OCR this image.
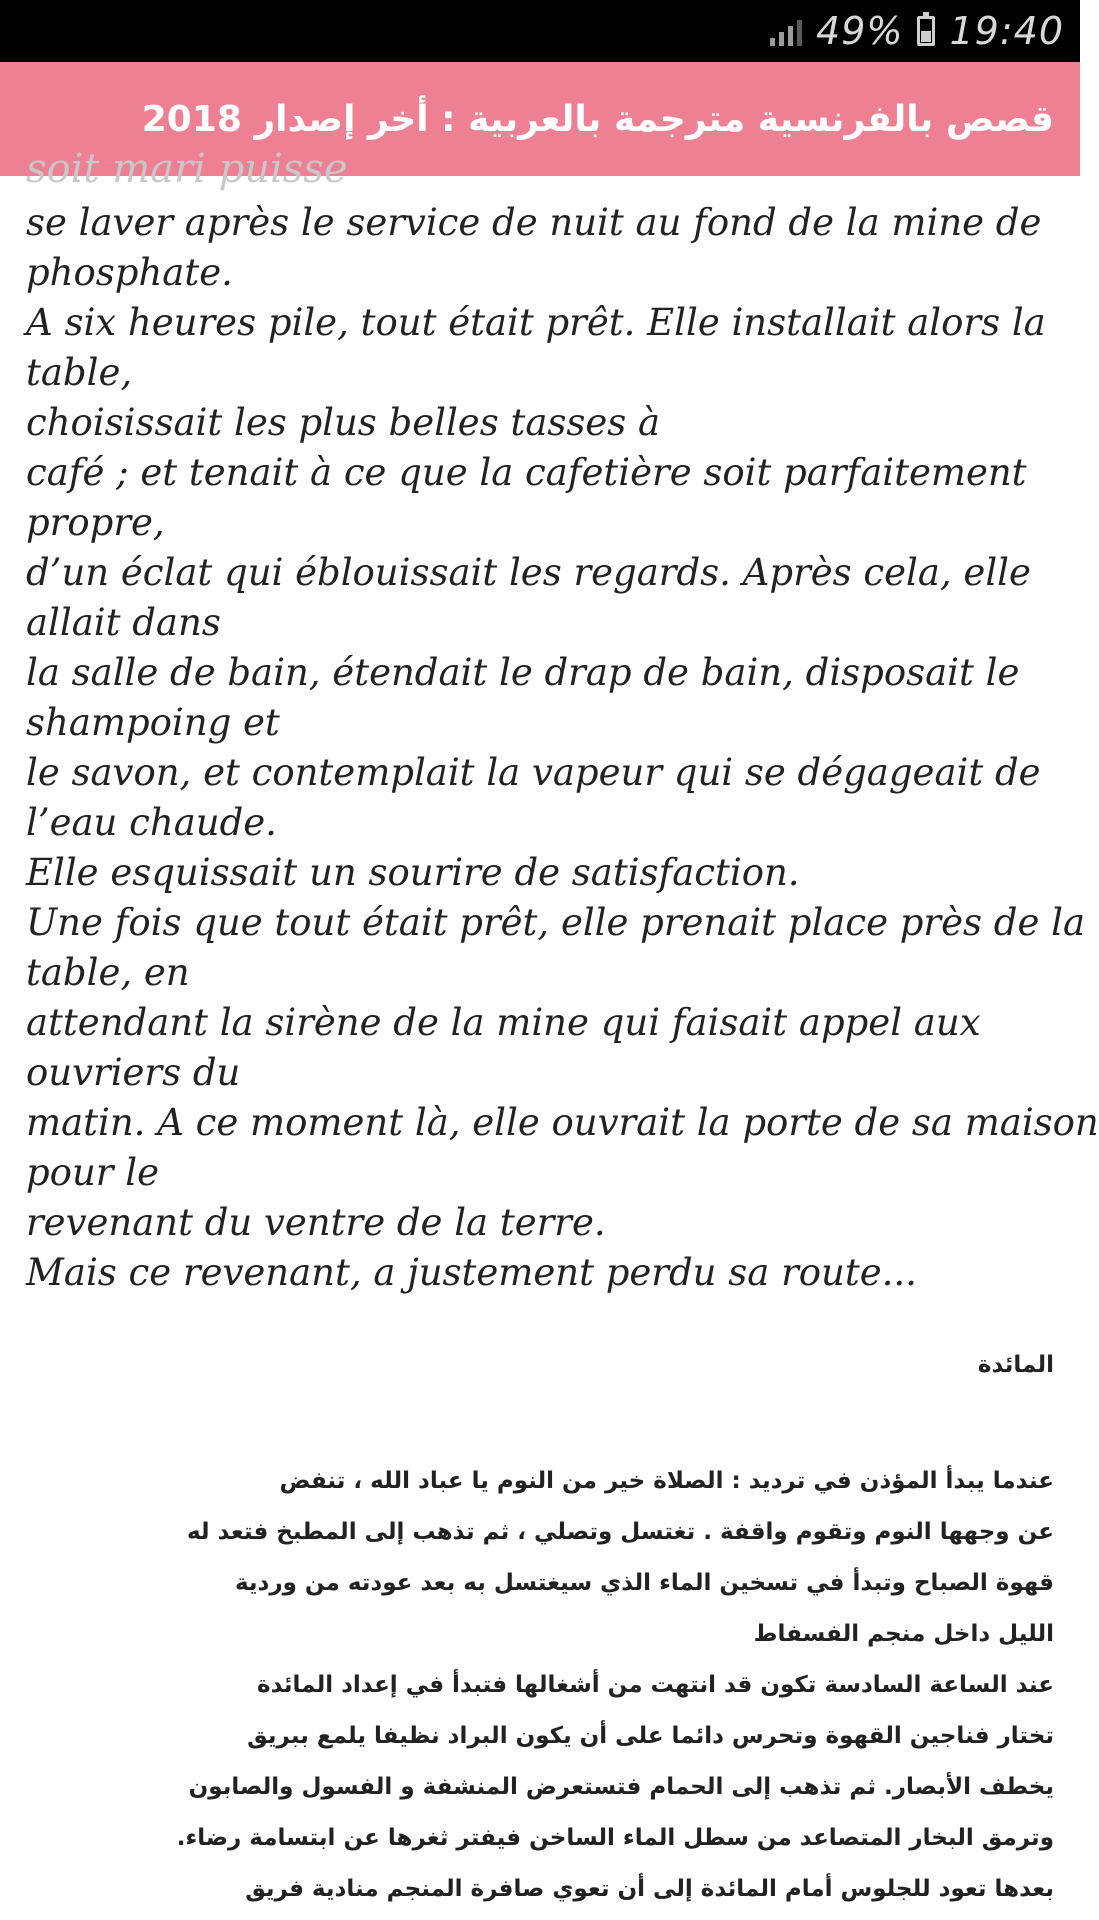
49% 19:40
قصص بالفرنسية مترجمة بالعربية : أخر إصدار 2018
soit mari puisse

se laver après le service de nuit au fond de la mine de
phosphate.
A six heures pile, tout était prêt. Elle installait alors la
table,
choisissait les plus belles tasses à
café ; et tenait à ce que la cafetière soit parfaitement
propre,
d’un éclat qui éblouissait les regards. Après cela, elle
allait dans
la salle de bain, étendait le drap de bain, disposait le
shampoing et
le savon, et contemplait la vapeur qui se dégageait de
l’eau chaude.
Elle esquissait un sourire de satisfaction.
Une fois que tout était prêt, elle prenait place près de la
table, en
attendant la sirène de la mine qui faisait appel aux
ouvriers du
matin. A ce moment là, elle ouvrait la porte de sa maison
pour le
revenant du ventre de la terre.
Mais ce revenant, a justement perdu sa route...

المائدة
عندما يبدأ المؤذن في ترديد : الصلاة خير من النوم يا عباد الله ، تنفض
عن وجهها النوم وتقوم واقفة . تغتسل وتصلي ، ثم تذهب إلى المطبخ فتعد له
قهوة الصباح وتبدأ في تسخين الماء الذي سيغتسل به بعد عودته من وردية
الليل داخل منجم الفسفاط
عند الساعة السادسة تكون قد انتهت من أشغالها فتبدأ في إعداد المائدة
تختار فناجين القهوة وتحرس دائما على أن يكون البراد نظيفا يلمع ببريق
يخطف الأبصار. ثم تذهب إلى الحمام فتستعرض المنشفة و الفسول والصابون
وترمق البخار المتصاعد من سطل الماء الساخن فيفتر ثغرها عن ابتسامة رضاء.
بعدها تعود للجلوس أمام المائدة إلى أن تعوي صافرة المنجم منادية فريق
